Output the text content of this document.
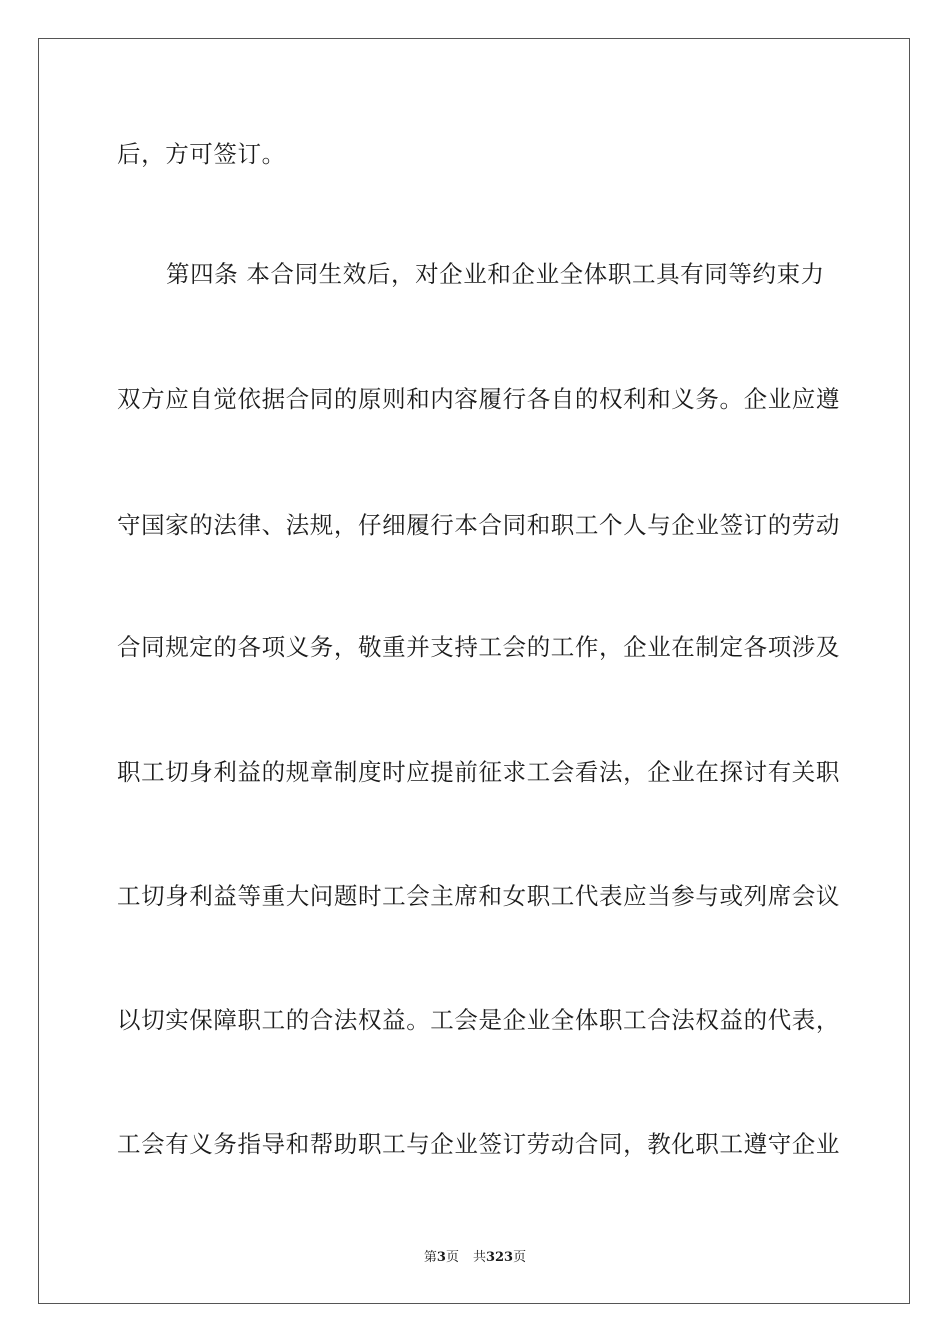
后，方可签订。
第四条 本合同生效后，对企业和企业全体职工具有同等约束力
双方应自觉依据合同的原则和内容履行各自的权利和义务。企业应遵
守国家的法律、法规，仔细履行本合同和职工个人与企业签订的劳动
合同规定的各项义务，敬重并支持工会的工作，企业在制定各项涉及
职工切身利益的规章制度时应提前征求工会看法，企业在探讨有关职
工切身利益等重大问题时工会主席和女职工代表应当参与或列席会议
以切实保障职工的合法权益。工会是企业全体职工合法权益的代表，
工会有义务指导和帮助职工与企业签订劳动合同，教化职工遵守企业
第3页 共323页
